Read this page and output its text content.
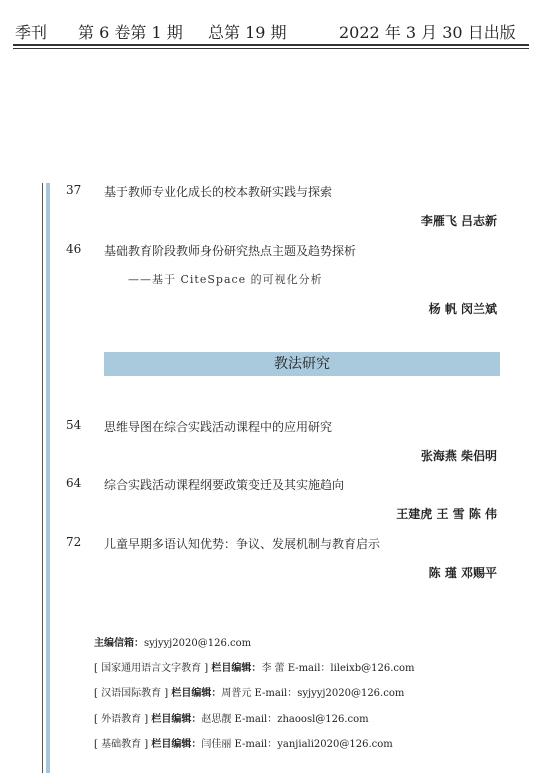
季刊 第 6 卷第 1 期 总第 19 期	2022 年 3 月 30 日出版
37 基于教师专业化成长的校本教研实践与探索
李雁飞 吕志新
46 基础教育阶段教师身份研究热点主题及趋势探析
——基于 CiteSpace 的可视化分析
杨 帆 闵兰斌
教法研究
54 思维导图在综合实践活动课程中的应用研究
张海燕 柴侣明
64 综合实践活动课程纲要政策变迁及其实施趋向
王建虎 王 雪 陈 伟
72 儿童早期多语认知优势：争议、发展机制与教育启示
陈 瑾 邓赐平
主编信箱：syjyyj2020@126.com
[ 国家通用语言文字教育 ] 栏目编辑：李 蕾 E-mail：lileixb@126.com
[ 汉语国际教育 ] 栏目编辑：周普元 E-mail：syjyyj2020@126.com
[ 外语教育 ] 栏目编辑：赵思靓 E-mail：zhaoosl@126.com
[ 基础教育 ] 栏目编辑：闫佳丽 E-mail：yanjiali2020@126.com
